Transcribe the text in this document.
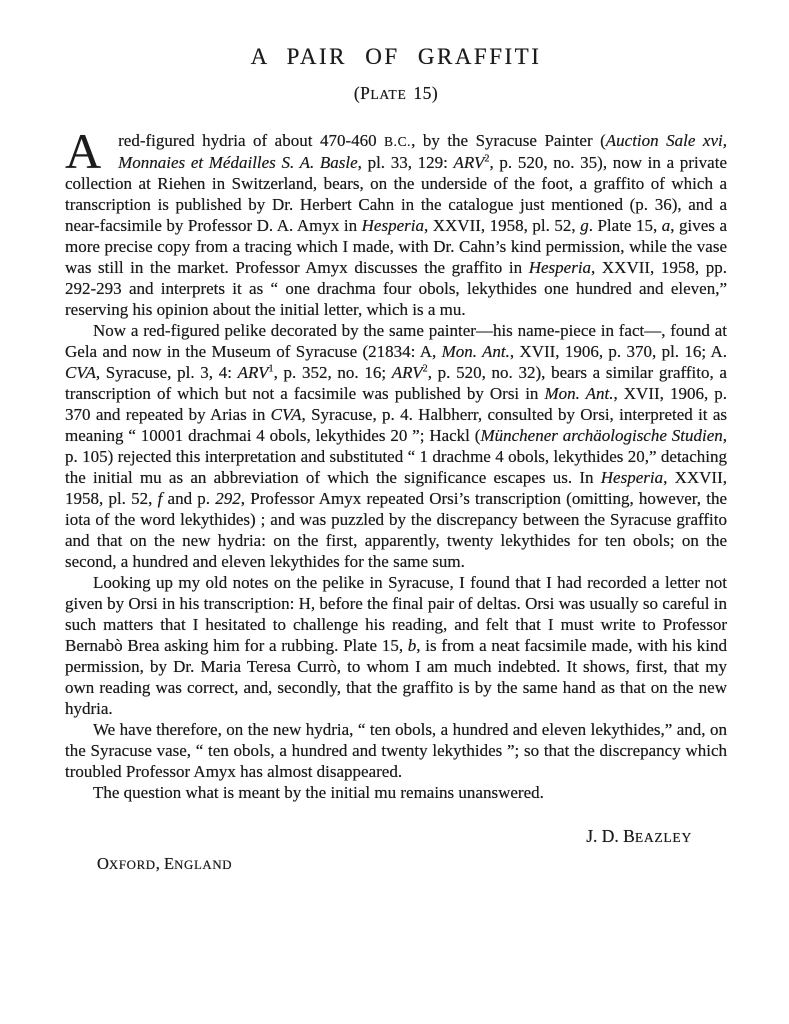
A PAIR OF GRAFFITI
(PLATE 15)

A	red-figured hydria of about 470-460 B.C., by the Syracuse Painter (Auction Sale xvi, Monnaies et Médailles S. A. Basle, pl. 33, 129: ARV$^2$, p. 520, no. 35), now in a private collection at Riehen in Switzerland, bears, on the underside of the foot, a graffito of which a transcription is published by Dr. Herbert Cahn in the catalogue just mentioned (p. 36), and a near-facsimile by Professor D. A. Amyx in Hesperia, XXVII, 1958, pl. 52, g. Plate 15, a, gives a more precise copy from a tracing which I made, with Dr. Cahn’s kind permission, while the vase was still in the market. Professor Amyx discusses the graffito in Hesperia, XXVII, 1958, pp. 292-293 and interprets it as “ one drachma four obols, lekythides one hundred and eleven,” reserving his opinion about the initial letter, which is a mu.

Now a red-figured pelike decorated by the same painter—his name-piece in fact—, found at Gela and now in the Museum of Syracuse (21834: A, Mon. Ant., XVII, 1906, p. 370, pl. 16; A. CVA, Syracuse, pl. 3, 4: ARV$^1$, p. 352, no. 16; ARV$^2$, p. 520, no. 32), bears a similar graffito, a transcription of which but not a facsimile was published by Orsi in Mon. Ant., XVII, 1906, p. 370 and repeated by Arias in CVA, Syracuse, p. 4. Halbherr, consulted by Orsi, interpreted it as meaning “ 10001 drachmai 4 obols, lekythides 20 ”; Hackl (Münchener archäologische Studien, p. 105) rejected this interpretation and substituted “ 1 drachme 4 obols, lekythides 20,” detaching the initial mu as an abbreviation of which the significance escapes us. In Hesperia, XXVII, 1958, pl. 52, f and p. 292, Professor Amyx repeated Orsi’s transcription (omitting, however, the iota of the word lekythides) ; and was puzzled by the discrepancy between the Syracuse graffito and that on the new hydria: on the first, apparently, twenty lekythides for ten obols; on the second, a hundred and eleven lekythides for the same sum.

Looking up my old notes on the pelike in Syracuse, I found that I had recorded a letter not given by Orsi in his transcription: H, before the final pair of deltas. Orsi was usually so careful in such matters that I hesitated to challenge his reading, and felt that I must write to Professor Bernabò Brea asking him for a rubbing. Plate 15, b, is from a neat facsimile made, with his kind permission, by Dr. Maria Teresa Currò, to whom I am much indebted. It shows, first, that my own reading was correct, and, secondly, that the graffito is by the same hand as that on the new hydria.

We have therefore, on the new hydria, “ ten obols, a hundred and eleven lekythides,” and, on the Syracuse vase, “ ten obols, a hundred and twenty lekythides ”; so that the discrepancy which troubled Professor Amyx has almost disappeared.

The question what is meant by the initial mu remains unanswered.

J. D. BEAZLEY
OXFORD, ENGLAND
